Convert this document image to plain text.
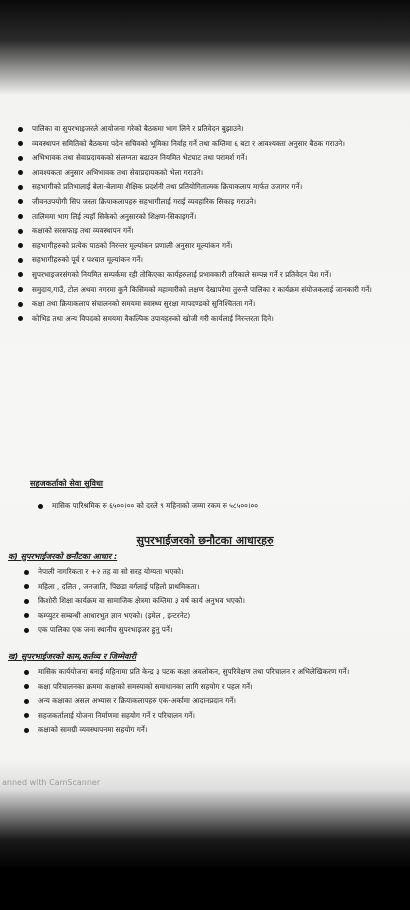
पालिका वा सुपरभाइजरले आयोजना गरेको बैठकमा भाग लिने र प्रतिवेदन बुझाउने।
व्यवस्थापन समितिको बैठकमा पदेन सचिवको भूमिका निर्वाह गर्ने तथा कम्तिमा ६ बटा र आवश्यक्ता अनुसार बैठक गराउने।
अभिभावक तथा सेवाप्रदायकको संलग्नता बढाउन नियमित भेटघाट तथा परामर्श गर्ने।
आवश्यकता अनुसार अभिभावक तथा सेवाप्रदायकको भेला गराउने।
सहभागीको प्रतिभालाई बेला-बेलामा शैक्षिक प्रदर्शनी तथा प्रतियोगितात्मक क्रियाकलाप मार्फत उजागर गर्ने।
जीवनउपयोगी सिप जस्ता क्रियाकलापहरु सहभागीलाई गराई व्यवहारिक सिकाइ गराउने।
तालिममा भाग लिई त्यहाँ सिकेको अनुसारको शिक्षण-सिकाइगर्ने।
कक्षाको सरसफाइ तथा व्यवस्थापन गर्ने।
सहभागीहरुको प्रत्येक पाठको निरन्तर मूल्यांकन प्रणाली अनुसार मूल्यांकन गर्ने।
सहभागीहरुको पूर्व र पश्चात मूल्यांकन गर्ने।
सुपरभाइजरसंगको नियमित सम्पर्कमा रही तोकिएका कार्यहरुलाई प्रभावकारी तरिकाले सम्पन्न गर्ने र प्रतिवेदन पेश गर्ने।
समुदाय,गाउँ, टोल अथवा नगरमा कुनै किसिमको महामारीको लक्षण देखापरेमा तुरुन्तै पालिका र कार्यक्रम संयोजकलाई जानकारी गर्ने।
कक्षा तथा क्रियाकलाप संचालनको समयमा स्वास्थ्य सुरक्षा मापदण्डको सुनिश्चितता गर्ने।
कोभिड तथा अन्य विपदको समयमा वैकल्पिक उपायहरुको खोजी गरी कार्यलाई निरन्तरता दिने।
सहजकर्ताको सेवा सुविधा
मासिक पारिश्रमिक रु ६५००।०० को दरले ९ महिनाको जम्मा रकम रु ५८५००।००
सुपरभाईजरको छनौटका आधारहरु
क) सुपरभाईजरको छनौटका आधार :
नेपाली नागरिकता र +२ तह वा सो सरह योग्यता भएको।
महिला , दलित , जनजाति, पिछडा वर्गलाई पहिलो प्राथमिकता।
किशोरी शिक्षा कार्यक्रम वा सामाजिक क्षेत्रमा कम्तिमा ३ वर्ष कार्य अनुभव भएको।
कम्प्युटर सम्बन्धी आधारभुत ज्ञान भएको। (इमेल , इन्टरनेट)
एक पालिका एक जना स्थानीय सुपरभाइजर हुनु पर्ने।
ख) सुपरभाईजरको काम,कर्तव्य र जिम्मेवारी
मासिक कार्ययोजना बनाई महिनामा प्रति केन्द्र ३ पटक कक्षा अवलोकन, सुपरिवेक्षण तथा परिचालन र अभिलेखिकरण गर्ने।
कक्षा परिचालनका क्रममा कक्षाको समस्याको समाधानका लागि सहयोग र पहल गर्ने।
अन्य कक्षाका असल अभ्यास र क्रियाकलापहरु एक-अर्कामा आदानप्रदान गर्ने।
सहजकर्तालाई योजना निर्माणमा सहयोग गर्ने र परिचालन गर्ने।
कक्षाको सामग्री व्यवस्थापनमा सहयोग गर्ने।
anned with CamScanner
